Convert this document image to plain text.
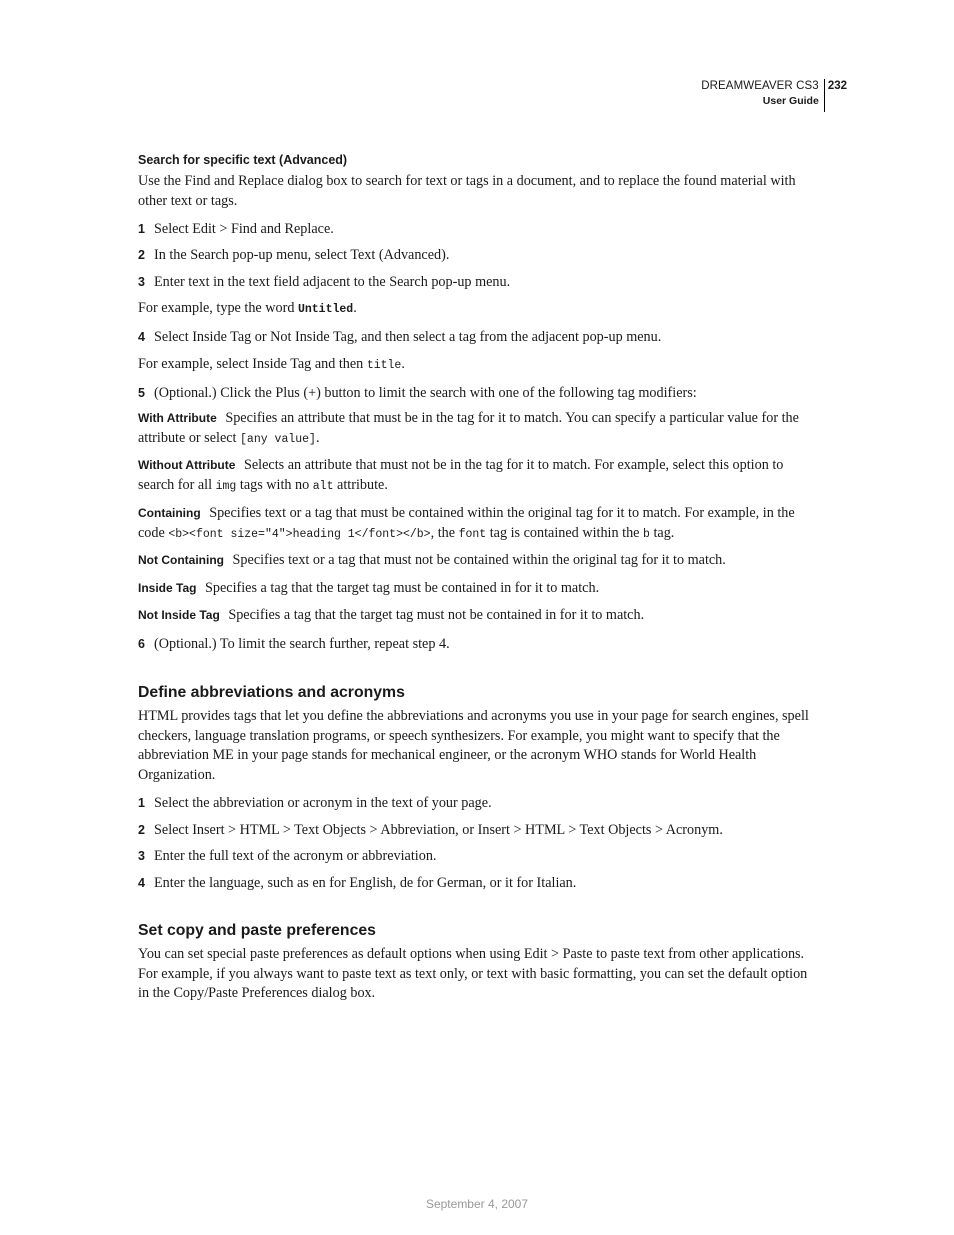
DREAMWEAVER CS3
User Guide
232
Search for specific text (Advanced)
Use the Find and Replace dialog box to search for text or tags in a document, and to replace the found material with other text or tags.
1 Select Edit > Find and Replace.
2 In the Search pop-up menu, select Text (Advanced).
3 Enter text in the text field adjacent to the Search pop-up menu.
For example, type the word Untitled.
4 Select Inside Tag or Not Inside Tag, and then select a tag from the adjacent pop-up menu.
For example, select Inside Tag and then title.
5 (Optional.) Click the Plus (+) button to limit the search with one of the following tag modifiers:
With Attribute Specifies an attribute that must be in the tag for it to match. You can specify a particular value for the attribute or select [any value].
Without Attribute Selects an attribute that must not be in the tag for it to match. For example, select this option to search for all img tags with no alt attribute.
Containing Specifies text or a tag that must be contained within the original tag for it to match. For example, in the code <b><font size="4">heading 1</font></b>, the font tag is contained within the b tag.
Not Containing Specifies text or a tag that must not be contained within the original tag for it to match.
Inside Tag Specifies a tag that the target tag must be contained in for it to match.
Not Inside Tag Specifies a tag that the target tag must not be contained in for it to match.
6 (Optional.) To limit the search further, repeat step 4.
Define abbreviations and acronyms
HTML provides tags that let you define the abbreviations and acronyms you use in your page for search engines, spell checkers, language translation programs, or speech synthesizers. For example, you might want to specify that the abbreviation ME in your page stands for mechanical engineer, or the acronym WHO stands for World Health Organization.
1 Select the abbreviation or acronym in the text of your page.
2 Select Insert > HTML > Text Objects > Abbreviation, or Insert > HTML > Text Objects > Acronym.
3 Enter the full text of the acronym or abbreviation.
4 Enter the language, such as en for English, de for German, or it for Italian.
Set copy and paste preferences
You can set special paste preferences as default options when using Edit > Paste to paste text from other applications. For example, if you always want to paste text as text only, or text with basic formatting, you can set the default option in the Copy/Paste Preferences dialog box.
September 4, 2007
